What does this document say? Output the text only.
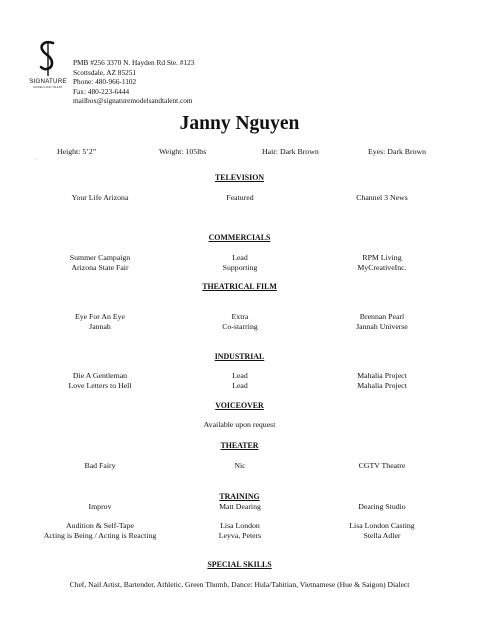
SIGNATURE
MODELS AND TALENT
PMB #256 3370 N. Hayden Rd Ste. #123
Scottsdale, AZ 85251
Phone: 480-966-1102
Fax: 480-223-6444
mailbox@signaturemodelsandtalent.com
Janny Nguyen
Height: 5’2”	Weight: 105lbs	Hair: Dark Brown	Eyes: Dark Brown
.
TELEVISION
Your Life Arizona	Featured	Channel 3 News
COMMERCIALS
Summer Campaign	Lead	RPM Living
Arizona State Fair	Supporting	MyCreativeInc.
THEATRICAL FILM
Eye For An Eye	Extra	Brennan Pearl
Jannah	Co-starring	Jannah Universe
INDUSTRIAL
Die A Gentleman	Lead	Mahalia Project
Love Letters to Hell	Lead	Mahalia Project
VOICEOVER
Available upon request
THEATER
Bad Fairy	Nic	CGTV Theatre
TRAINING
Improv	Matt Dearing	Dearing Studio
Audition & Self-Tape	Lisa London	Lisa London Casting
Acting is Being / Acting is Reacting	Leyva, Peters	Stella Adler
SPECIAL SKILLS
Chef, Nail Artist, Bartender, Athletic, Green Thumb, Dance: Hula/Tahitian, Vietnamese (Hue & Saigon) Dialect
